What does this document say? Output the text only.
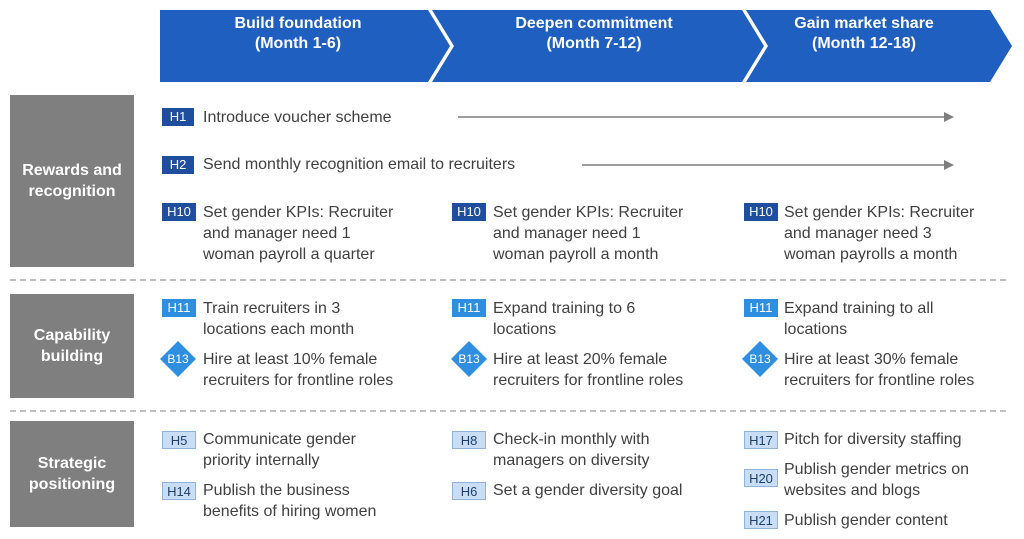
Build foundation
(Month 1-6)
Deepen commitment
(Month 7-12)
Gain market share
(Month 12-18)
Rewards and
recognition
Capability
building
Strategic
positioning
H1	Introduce voucher scheme
H2	Send monthly recognition email to recruiters
H10 Set gender KPIs: Recruiter
and manager need 1
woman payroll a quarter
H10 Set gender KPIs: Recruiter
and manager need 1
woman payroll a month
H10 Set gender KPIs: Recruiter
and manager need 3
woman payrolls a month
H11 Train recruiters in 3
locations each month
H11 Expand training to 6
locations
H11 Expand training to all
locations
B13 Hire at least 10% female
recruiters for frontline roles
B13 Hire at least 20% female
recruiters for frontline roles
B13 Hire at least 30% female
recruiters for frontline roles
H5 Communicate gender
priority internally
H14 Publish the business
benefits of hiring women
H8 Check-in monthly with
managers on diversity
H6 Set a gender diversity goal
H17 Pitch for diversity staffing
H20
Publish gender metrics on
websites and blogs
H21 Publish gender content
